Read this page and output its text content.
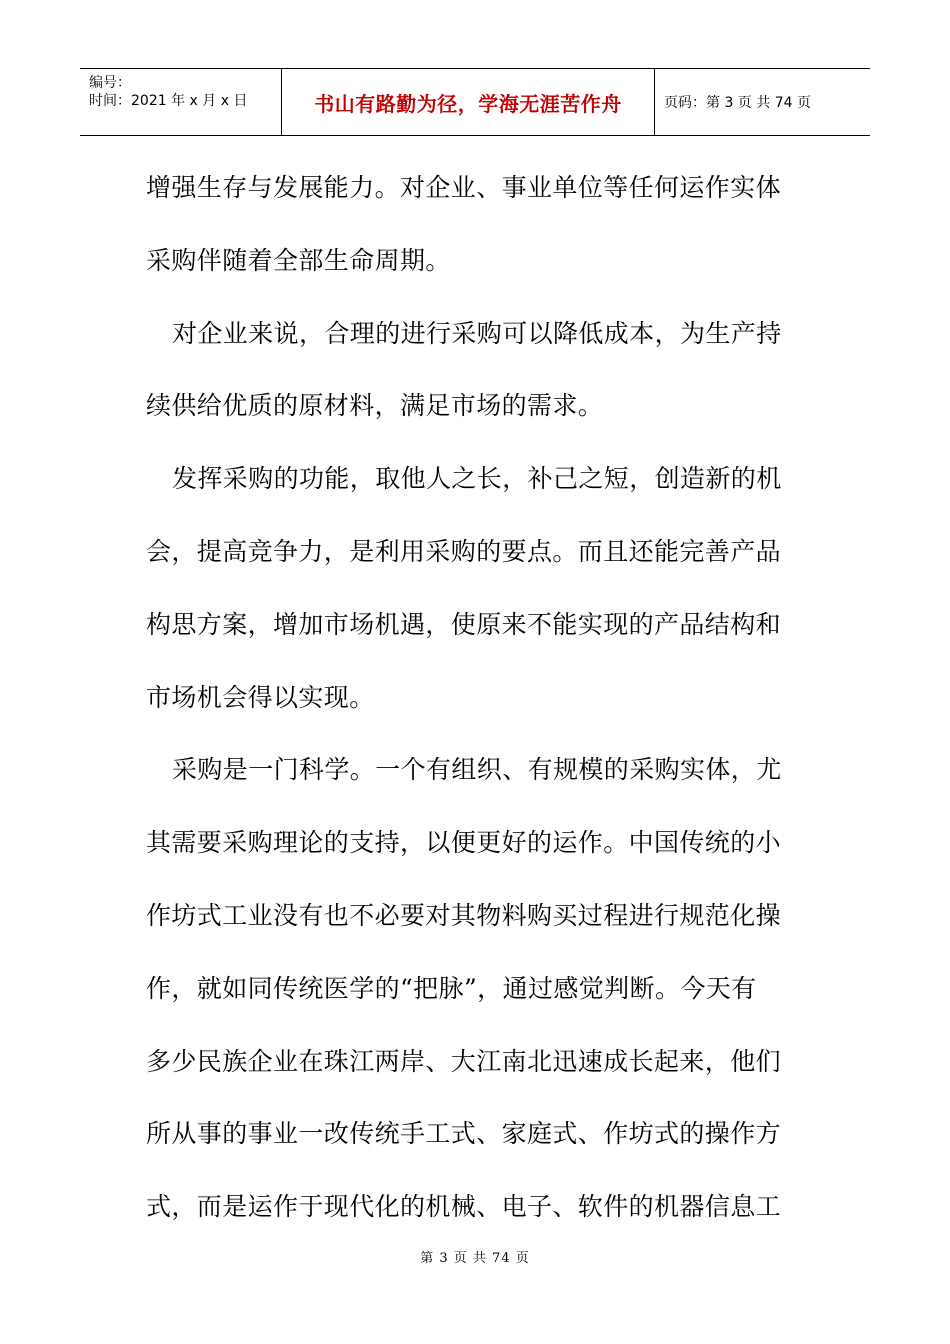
编号：
时间：2021 年 x 月 x 日	书山有路勤为径，学海无涯苦作舟	页码：第 3 页 共 74 页
增强生存与发展能力。对企业、事业单位等任何运作实体
采购伴随着全部生命周期。
对企业来说，合理的进行采购可以降低成本，为生产持
续供给优质的原材料，满足市场的需求。
发挥采购的功能，取他人之长，补己之短，创造新的机
会，提高竞争力，是利用采购的要点。而且还能完善产品
构思方案，增加市场机遇，使原来不能实现的产品结构和
市场机会得以实现。
采购是一门科学。一个有组织、有规模的采购实体，尤
其需要采购理论的支持，以便更好的运作。中国传统的小
作坊式工业没有也不必要对其物料购买过程进行规范化操
作，就如同传统医学的“把脉”，通过感觉判断。今天有
多少民族企业在珠江两岸、大江南北迅速成长起来，他们
所从事的事业一改传统手工式、家庭式、作坊式的操作方
式，而是运作于现代化的机械、电子、软件的机器信息工
第 3 页 共 74 页
